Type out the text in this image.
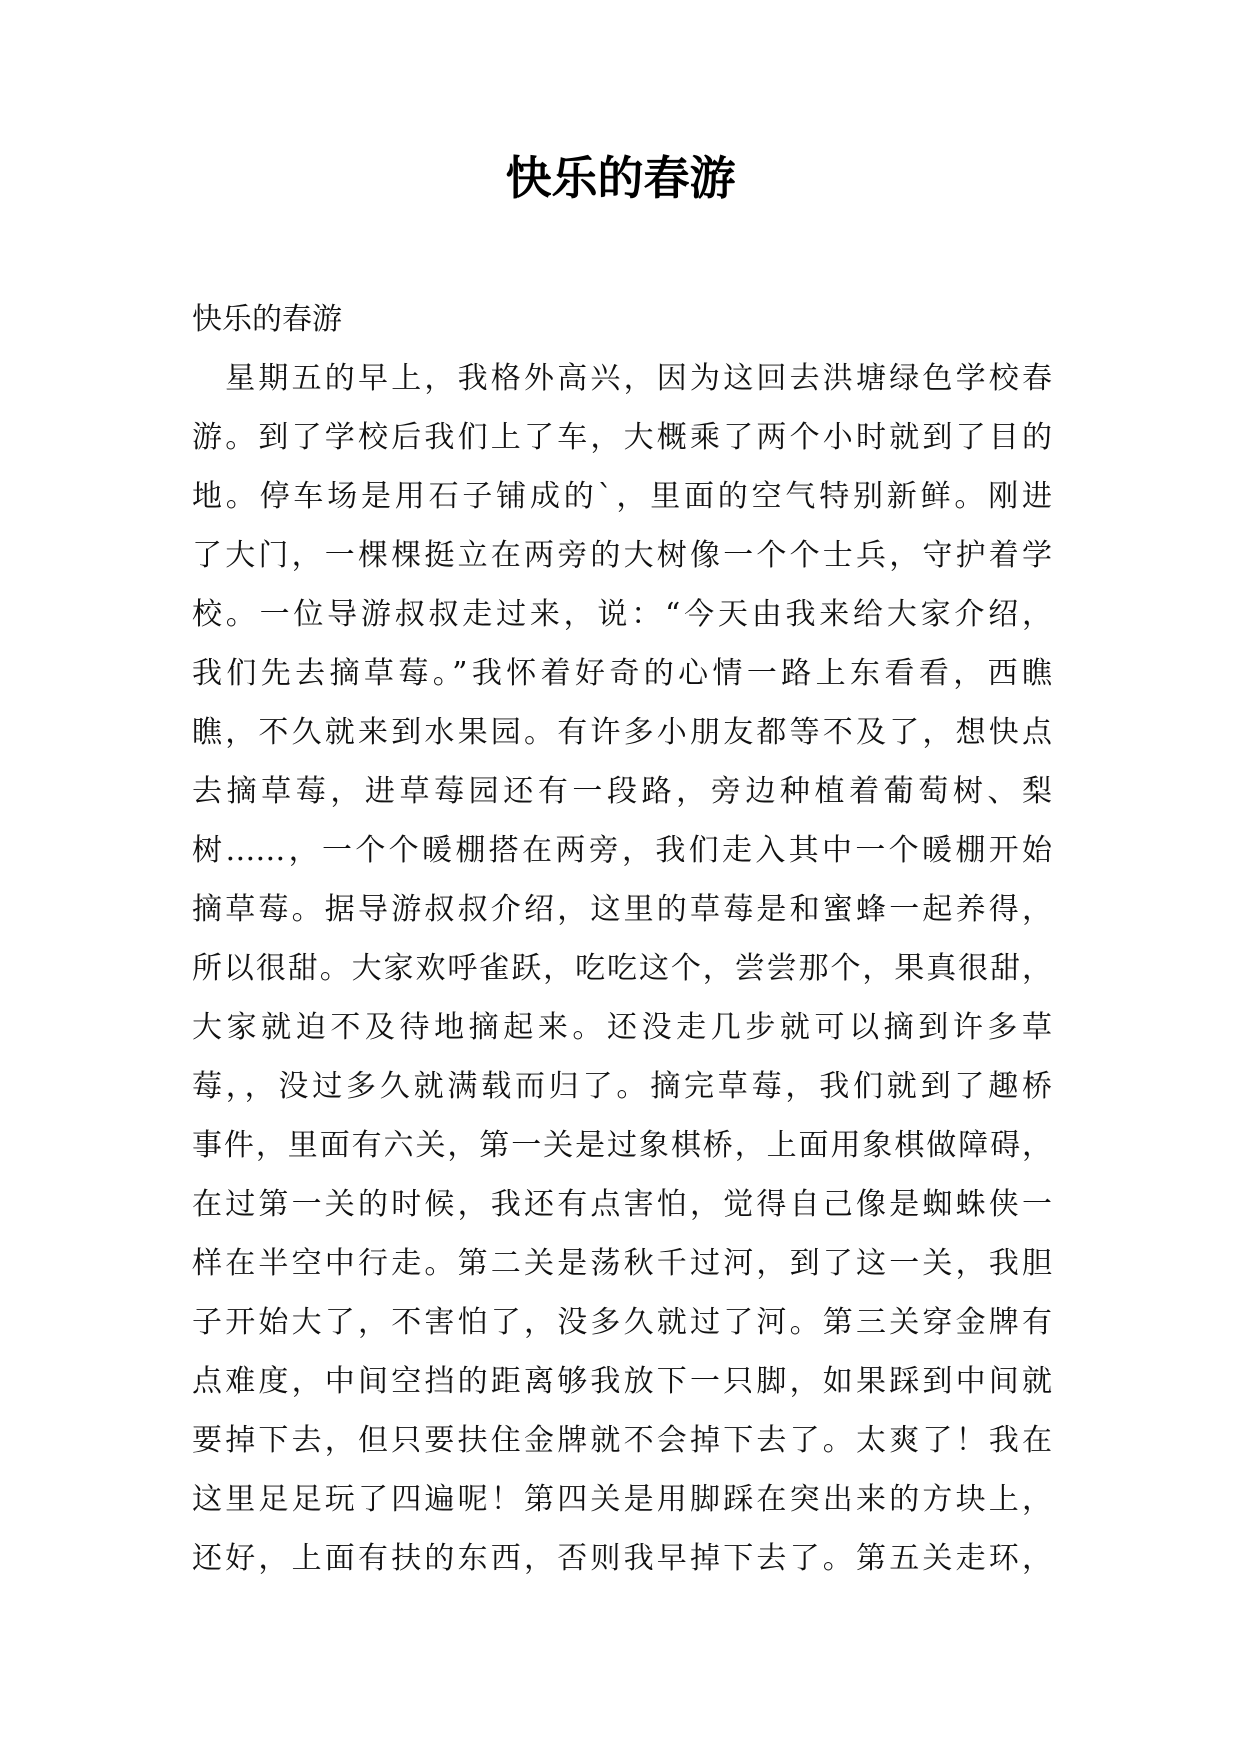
快乐的春游
快乐的春游
　星期五的早上，我格外高兴，因为这回去洪塘绿色学校春
游。到了学校后我们上了车，大概乘了两个小时就到了目的
地。停车场是用石子铺成的`，里面的空气特别新鲜。刚进
了大门，一棵棵挺立在两旁的大树像一个个士兵，守护着学
校。一位导游叔叔走过来，说：“今天由我来给大家介绍，
我们先去摘草莓。”我怀着好奇的心情一路上东看看，西瞧
瞧，不久就来到水果园。有许多小朋友都等不及了，想快点
去摘草莓，进草莓园还有一段路，旁边种植着葡萄树、梨
树……，一个个暖棚搭在两旁，我们走入其中一个暖棚开始
摘草莓。据导游叔叔介绍，这里的草莓是和蜜蜂一起养得，
所以很甜。大家欢呼雀跃，吃吃这个，尝尝那个，果真很甜，
大家就迫不及待地摘起来。还没走几步就可以摘到许多草
莓，，没过多久就满载而归了。摘完草莓，我们就到了趣桥
事件，里面有六关，第一关是过象棋桥，上面用象棋做障碍，
在过第一关的时候，我还有点害怕，觉得自己像是蜘蛛侠一
样在半空中行走。第二关是荡秋千过河，到了这一关，我胆
子开始大了，不害怕了，没多久就过了河。第三关穿金牌有
点难度，中间空挡的距离够我放下一只脚，如果踩到中间就
要掉下去，但只要扶住金牌就不会掉下去了。太爽了！我在
这里足足玩了四遍呢！第四关是用脚踩在突出来的方块上，
还好，上面有扶的东西，否则我早掉下去了。第五关走环，
